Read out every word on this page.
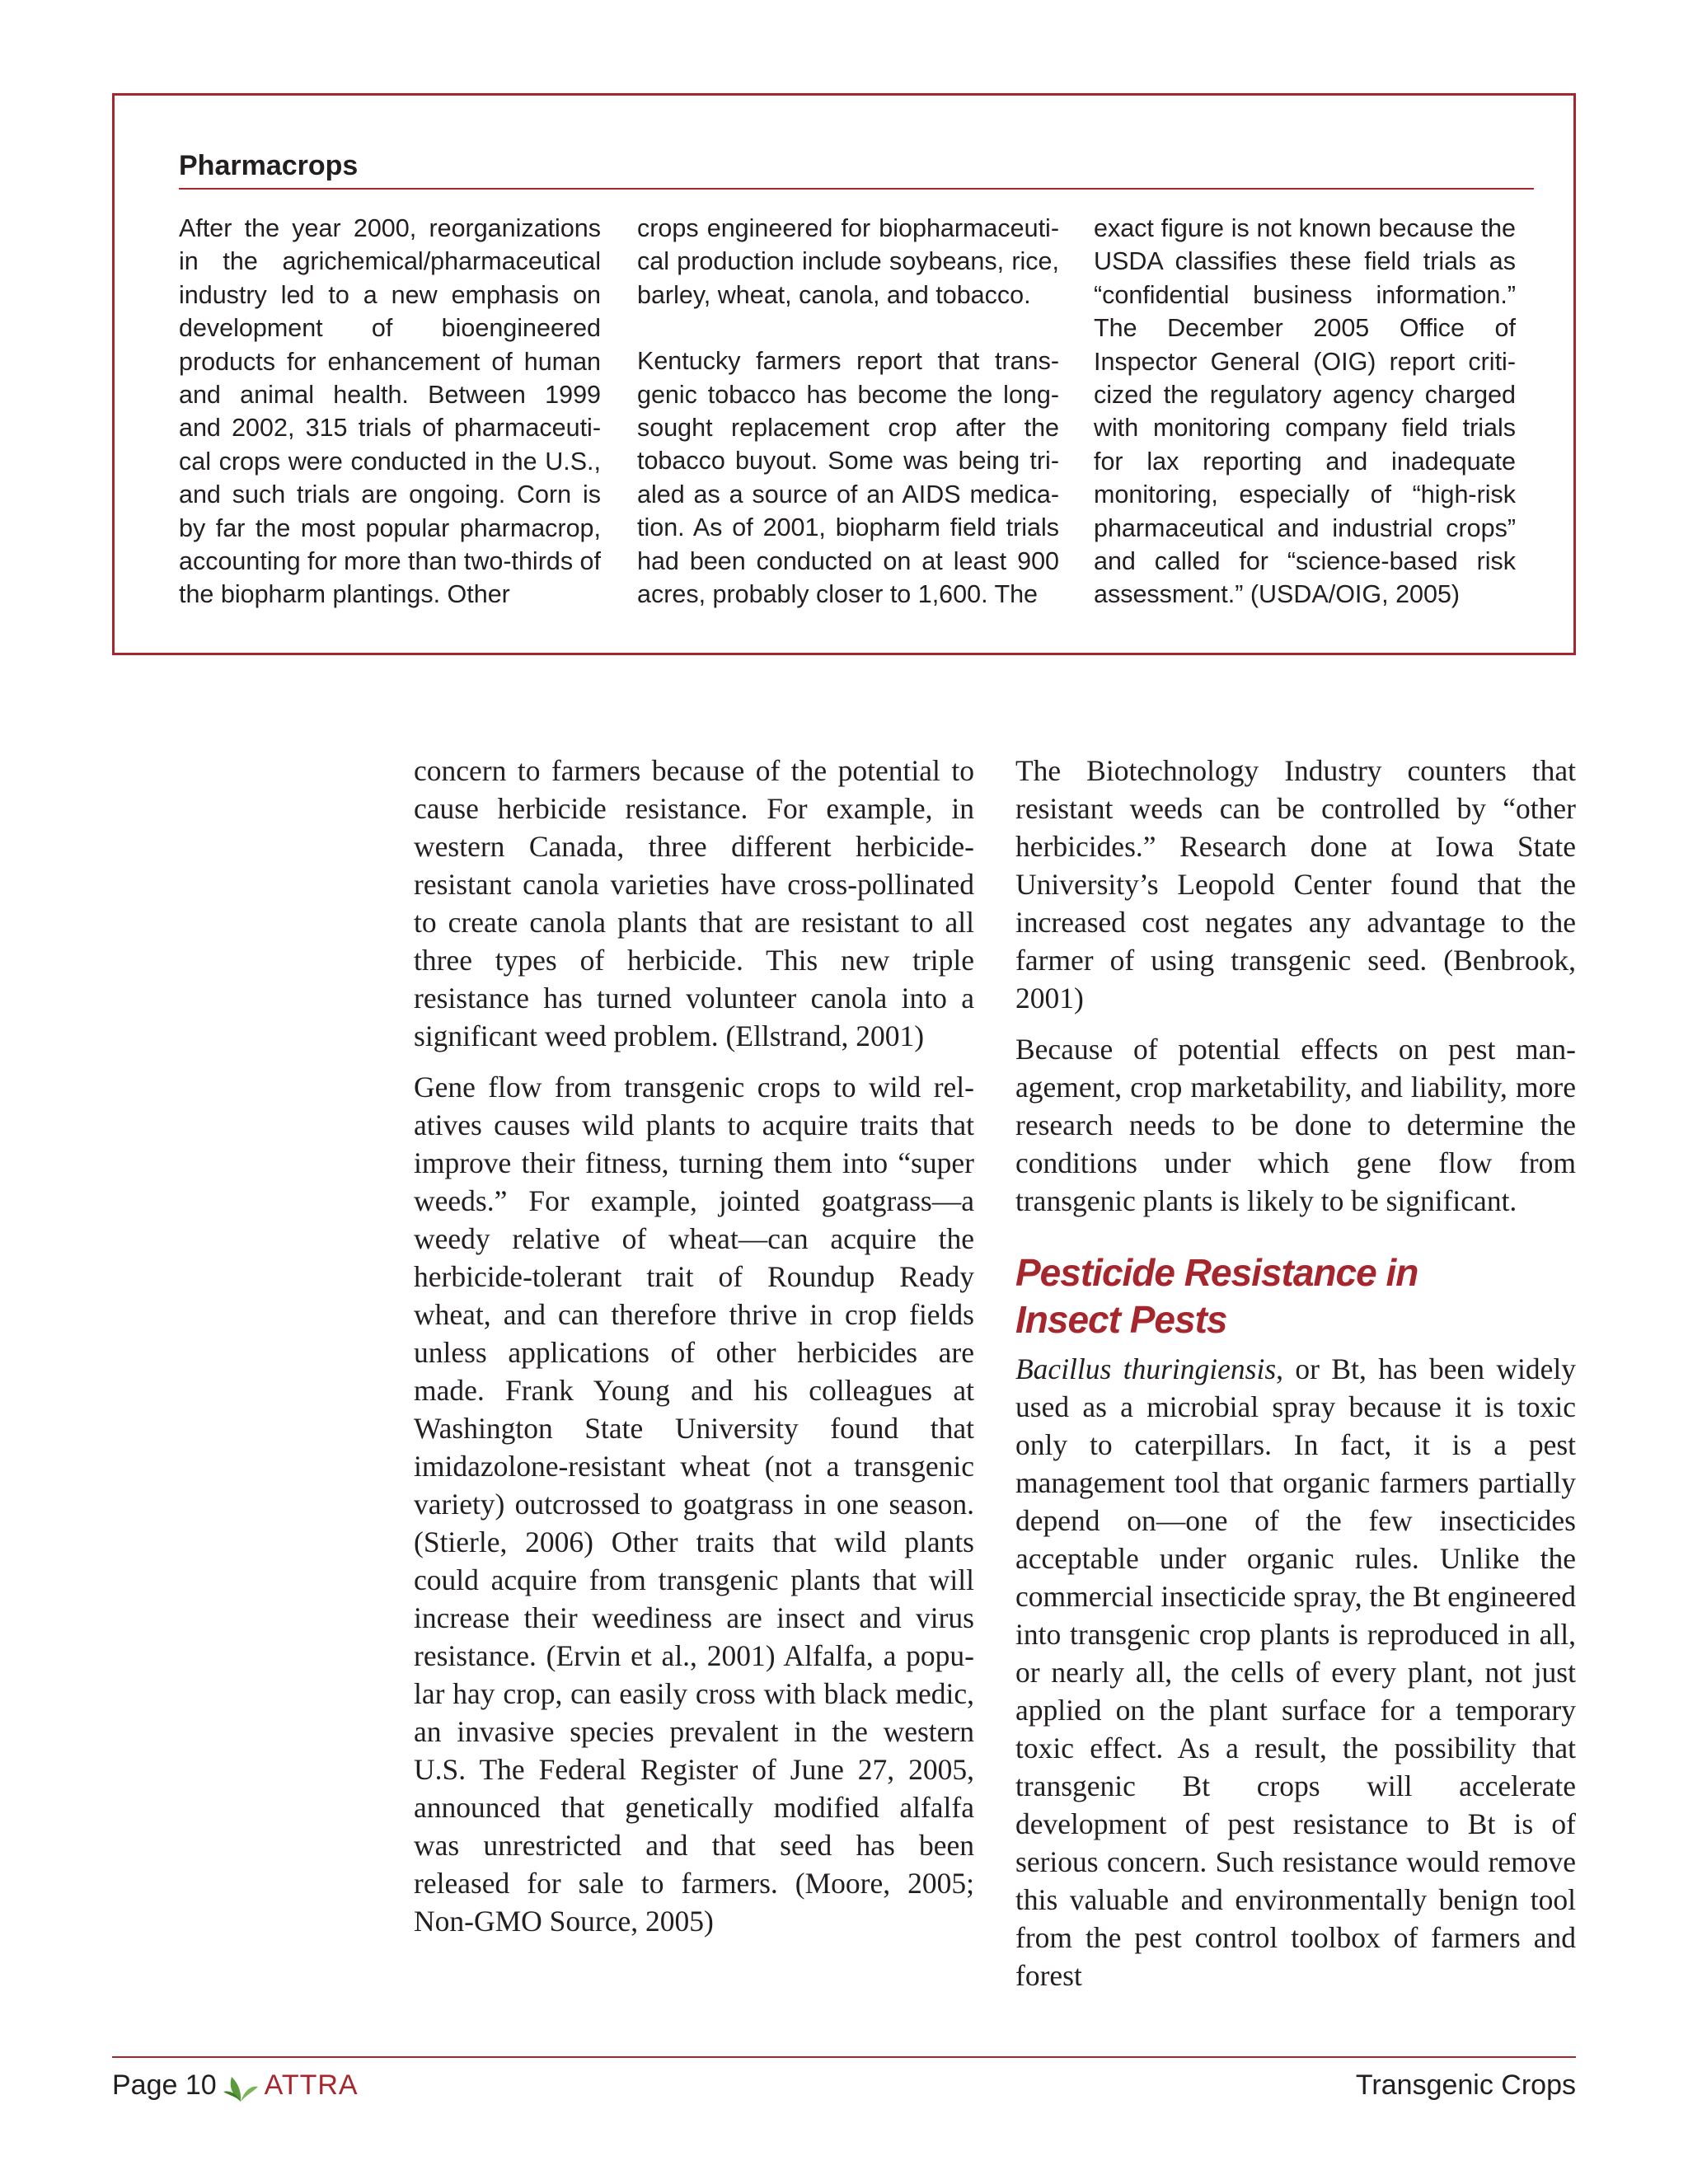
Pharmacrops

After the year 2000, reorganizations in the agrichemical/pharmaceutical industry led to a new emphasis on development of bioengineered products for enhancement of human and animal health. Between 1999 and 2002, 315 trials of pharmaceutical crops were conducted in the U.S., and such trials are ongoing. Corn is by far the most popular pharmacrop, accounting for more than two-thirds of the biopharm plantings. Other

crops engineered for biopharmaceutical production include soybeans, rice, barley, wheat, canola, and tobacco.

Kentucky farmers report that transgenic tobacco has become the long-sought replacement crop after the tobacco buyout. Some was being trialed as a source of an AIDS medication. As of 2001, biopharm field trials had been conducted on at least 900 acres, probably closer to 1,600. The

exact figure is not known because the USDA classifies these field trials as “confidential business information.” The December 2005 Office of Inspector General (OIG) report criticized the regulatory agency charged with monitoring company field trials for lax reporting and inadequate monitoring, especially of “high-risk pharmaceutical and industrial crops” and called for “science-based risk assessment.” (USDA/OIG, 2005)

concern to farmers because of the potential to cause herbicide resistance. For example, in western Canada, three different herbicide-resistant canola varieties have cross-pollinated to create canola plants that are resistant to all three types of herbicide. This new triple resistance has turned volunteer canola into a significant weed problem. (Ellstrand, 2001)

Gene flow from transgenic crops to wild relatives causes wild plants to acquire traits that improve their fitness, turning them into “super weeds.” For example, jointed goatgrass—a weedy relative of wheat—can acquire the herbicide-tolerant trait of Roundup Ready wheat, and can therefore thrive in crop fields unless applications of other herbicides are made. Frank Young and his colleagues at Washington State University found that imidazolone-resistant wheat (not a transgenic variety) outcrossed to goatgrass in one season. (Stierle, 2006) Other traits that wild plants could acquire from transgenic plants that will increase their weediness are insect and virus resistance. (Ervin et al., 2001) Alfalfa, a popular hay crop, can easily cross with black medic, an invasive species prevalent in the western U.S. The Federal Register of June 27, 2005, announced that genetically modified alfalfa was unrestricted and that seed has been released for sale to farmers. (Moore, 2005; Non-GMO Source, 2005)

The Biotechnology Industry counters that resistant weeds can be controlled by “other herbicides.” Research done at Iowa State University’s Leopold Center found that the increased cost negates any advantage to the farmer of using transgenic seed. (Benbrook, 2001)

Because of potential effects on pest management, crop marketability, and liability, more research needs to be done to determine the conditions under which gene flow from transgenic plants is likely to be significant.

Pesticide Resistance in
Insect Pests

Bacillus thuringiensis, or Bt, has been widely used as a microbial spray because it is toxic only to caterpillars. In fact, it is a pest management tool that organic farmers partially depend on—one of the few insecticides acceptable under organic rules. Unlike the commercial insecticide spray, the Bt engineered into transgenic crop plants is reproduced in all, or nearly all, the cells of every plant, not just applied on the plant surface for a temporary toxic effect. As a result, the possibility that transgenic Bt crops will accelerate development of pest resistance to Bt is of serious concern. Such resistance would remove this valuable and environmentally benign tool from the pest control toolbox of farmers and forest

Page 10 ATTRA	Transgenic Crops
